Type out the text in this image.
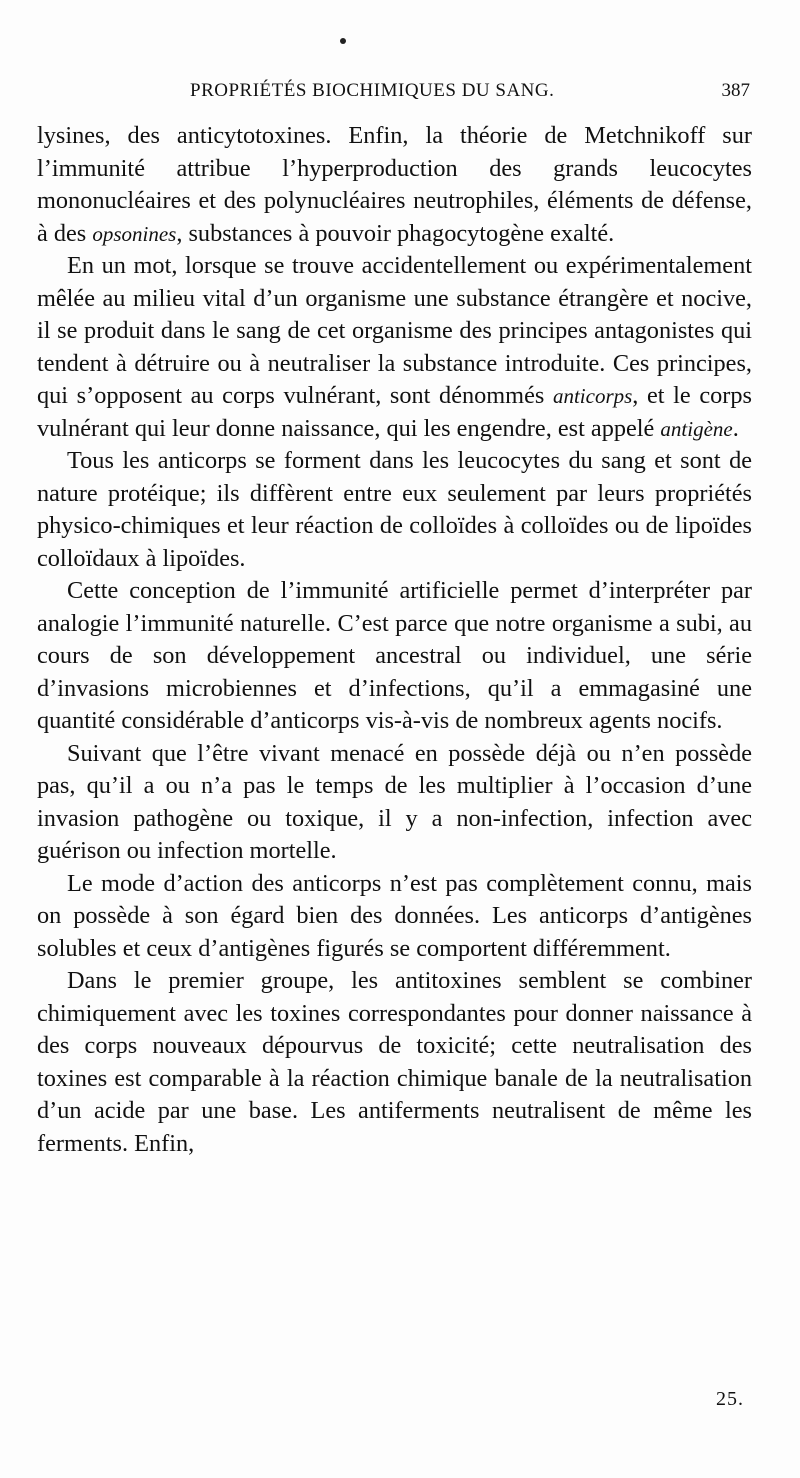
PROPRIÉTÉS BIOCHIMIQUES DU SANG.	387

lysines, des anticytotoxines. Enfin, la théorie de Metchnikoff sur l’immunité attribue l’hyperproduction des grands leucocytes mononucléaires et des polynucléaires neutrophiles, éléments de défense, à des opsonines, substances à pouvoir phagocytogène exalté.

En un mot, lorsque se trouve accidentellement ou expérimentalement mêlée au milieu vital d’un organisme une substance étrangère et nocive, il se produit dans le sang de cet organisme des principes antagonistes qui tendent à détruire ou à neutraliser la substance introduite. Ces principes, qui s’opposent au corps vulnérant, sont dénommés anticorps, et le corps vulnérant qui leur donne naissance, qui les engendre, est appelé antigène.

Tous les anticorps se forment dans les leucocytes du sang et sont de nature protéique; ils diffèrent entre eux seulement par leurs propriétés physico-chimiques et leur réaction de colloïdes à colloïdes ou de lipoïdes colloïdaux à lipoïdes.

Cette conception de l’immunité artificielle permet d’interpréter par analogie l’immunité naturelle. C’est parce que notre organisme a subi, au cours de son développement ancestral ou individuel, une série d’invasions microbiennes et d’infections, qu’il a emmagasiné une quantité considérable d’anticorps vis-à-vis de nombreux agents nocifs.

Suivant que l’être vivant menacé en possède déjà ou n’en possède pas, qu’il a ou n’a pas le temps de les multiplier à l’occasion d’une invasion pathogène ou toxique, il y a non-infection, infection avec guérison ou infection mortelle.

Le mode d’action des anticorps n’est pas complètement connu, mais on possède à son égard bien des données. Les anticorps d’antigènes solubles et ceux d’antigènes figurés se comportent différemment.

Dans le premier groupe, les antitoxines semblent se combiner chimiquement avec les toxines correspondantes pour donner naissance à des corps nouveaux dépourvus de toxicité; cette neutralisation des toxines est comparable à la réaction chimique banale de la neutralisation d’un acide par une base. Les antiferments neutralisent de même les ferments. Enfin,

25.
